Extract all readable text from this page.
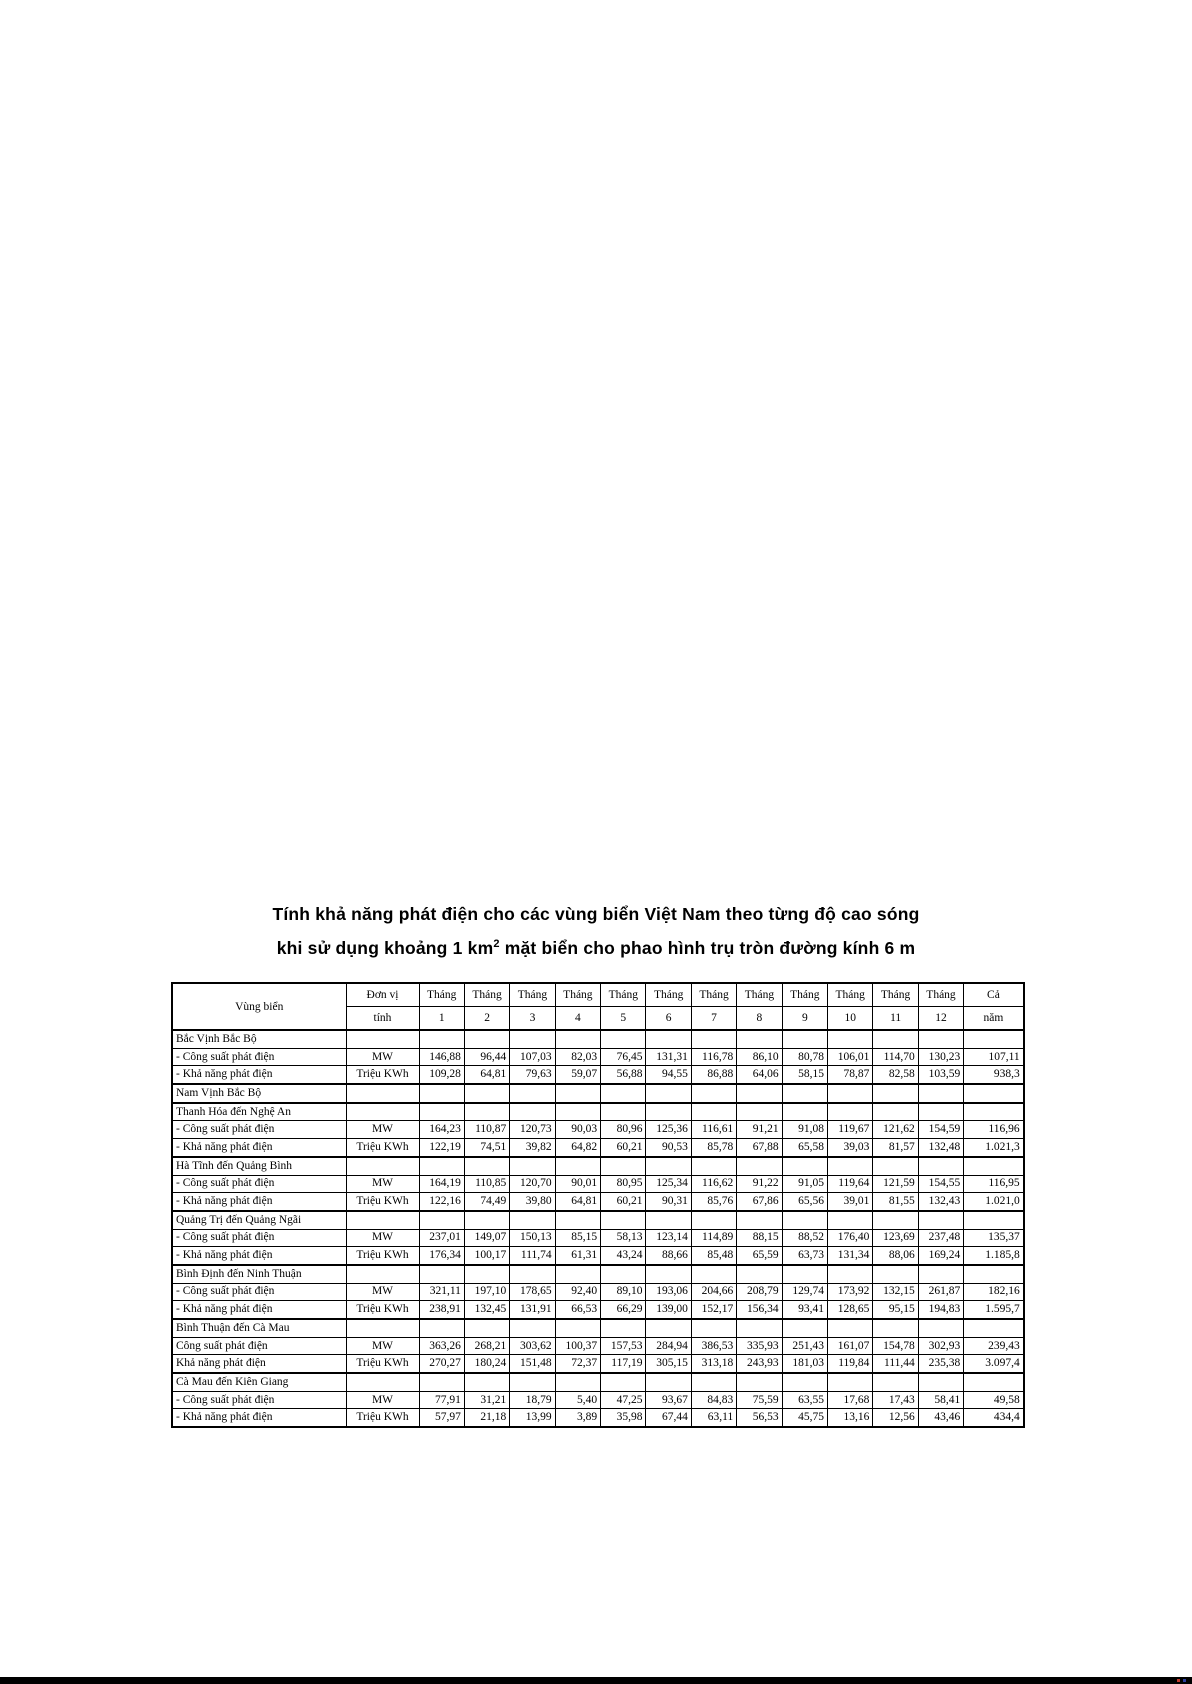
Tính khả năng phát điện cho các vùng biển Việt Nam theo từng độ cao sóng
khi sử dụng khoảng 1 $km^2$ mặt biển cho phao hình trụ tròn đường kính 6 m
Vùng biển	Đơn vị	Tháng	Tháng	Tháng	Tháng	Tháng	Tháng	Tháng	Tháng	Tháng	Tháng	Tháng	Tháng	Cả
	tính	1	2	3	4	5	6	7	8	9	10	11	12	năm
Bắc Vịnh Bắc Bộ														
- Công suất phát điện	MW	146,88	96,44	107,03	82,03	76,45	131,31	116,78	86,10	80,78	106,01	114,70	130,23	107,11
- Khả năng phát điện	Triệu KWh	109,28	64,81	79,63	59,07	56,88	94,55	86,88	64,06	58,15	78,87	82,58	103,59	938,3
Nam Vịnh Bắc Bộ														
Thanh Hóa đến Nghệ An														
- Công suất phát điện	MW	164,23	110,87	120,73	90,03	80,96	125,36	116,61	91,21	91,08	119,67	121,62	154,59	116,96
- Khả năng phát điện	Triệu KWh	122,19	74,51	39,82	64,82	60,21	90,53	85,78	67,88	65,58	39,03	81,57	132,48	1.021,3
Hà Tĩnh đến Quảng Bình														
- Công suất phát điện	MW	164,19	110,85	120,70	90,01	80,95	125,34	116,62	91,22	91,05	119,64	121,59	154,55	116,95
- Khả năng phát điện	Triệu KWh	122,16	74,49	39,80	64,81	60,21	90,31	85,76	67,86	65,56	39,01	81,55	132,43	1.021,0
Quảng Trị đến Quảng Ngãi														
- Công suất phát điện	MW	237,01	149,07	150,13	85,15	58,13	123,14	114,89	88,15	88,52	176,40	123,69	237,48	135,37
- Khả năng phát điện	Triệu KWh	176,34	100,17	111,74	61,31	43,24	88,66	85,48	65,59	63,73	131,34	88,06	169,24	1.185,8
Bình Định đến Ninh Thuận														
- Công suất phát điện	MW	321,11	197,10	178,65	92,40	89,10	193,06	204,66	208,79	129,74	173,92	132,15	261,87	182,16
- Khả năng phát điện	Triệu KWh	238,91	132,45	131,91	66,53	66,29	139,00	152,17	156,34	93,41	128,65	95,15	194,83	1.595,7
Bình Thuận đến Cà Mau														
Công suất phát điện	MW	363,26	268,21	303,62	100,37	157,53	284,94	386,53	335,93	251,43	161,07	154,78	302,93	239,43
Khả năng phát điện	Triệu KWh	270,27	180,24	151,48	72,37	117,19	305,15	313,18	243,93	181,03	119,84	111,44	235,38	3.097,4
Cà Mau đến Kiên Giang														
- Công suất phát điện	MW	77,91	31,21	18,79	5,40	47,25	93,67	84,83	75,59	63,55	17,68	17,43	58,41	49,58
- Khả năng phát điện	Triệu KWh	57,97	21,18	13,99	3,89	35,98	67,44	63,11	56,53	45,75	13,16	12,56	43,46	434,4
